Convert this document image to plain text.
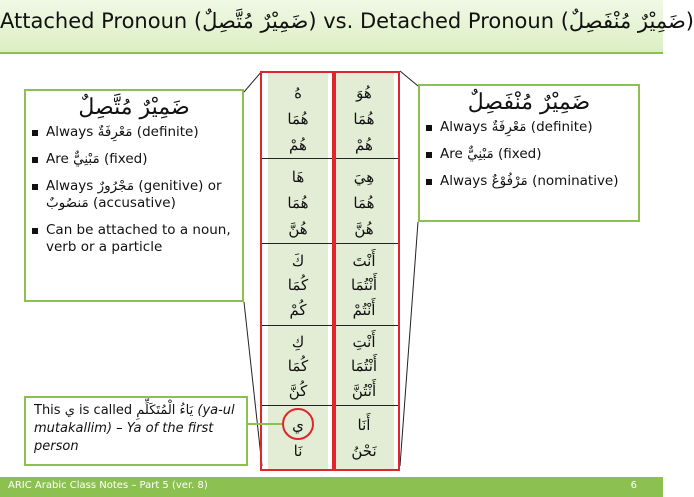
Attached Pronoun (ضَمِيْرٌ مُتَّصِلٌ) vs. Detached Pronoun (ضَمِيْرٌ مُنْفَصِلٌ)
ضَمِيْرٌ مُتَّصِلٌ
Always مَعْرِفَةٌ (definite)
Are مَبْنِيٌّ (fixed)
Always مَجْرُورٌ (genitive) or مَنصُوبٌ (accusative)
Can be attached to a noun, verb or a particle
ضَمِيْرٌ مُنْفَصِلٌ
Always مَعْرِفَةٌ (definite)
Are مَبْنِيٌّ (fixed)
Always مَرْفُوْعٌ (nominative)
هُ
هُمَا
هُمْ
هَا
هُمَا
هُنَّ
كَ
كُمَا
كُمْ
كِ
كُمَا
كُنَّ
ي
نَا
هُوَ
هُمَا
هُمْ
هِيَ
هُمَا
هُنَّ
أَنْتَ
أَنْتُمَا
أَنْتُمْ
أَنْتِ
أَنْتُمَا
أَنْتُنَّ
أَنَا
نَحْنُ
This ي is called يَاءُ الْمُتَكَلِّمِ (ya-ul mutakallim) – Ya of the first person
ARIC Arabic Class Notes – Part 5 (ver. 8)	6
